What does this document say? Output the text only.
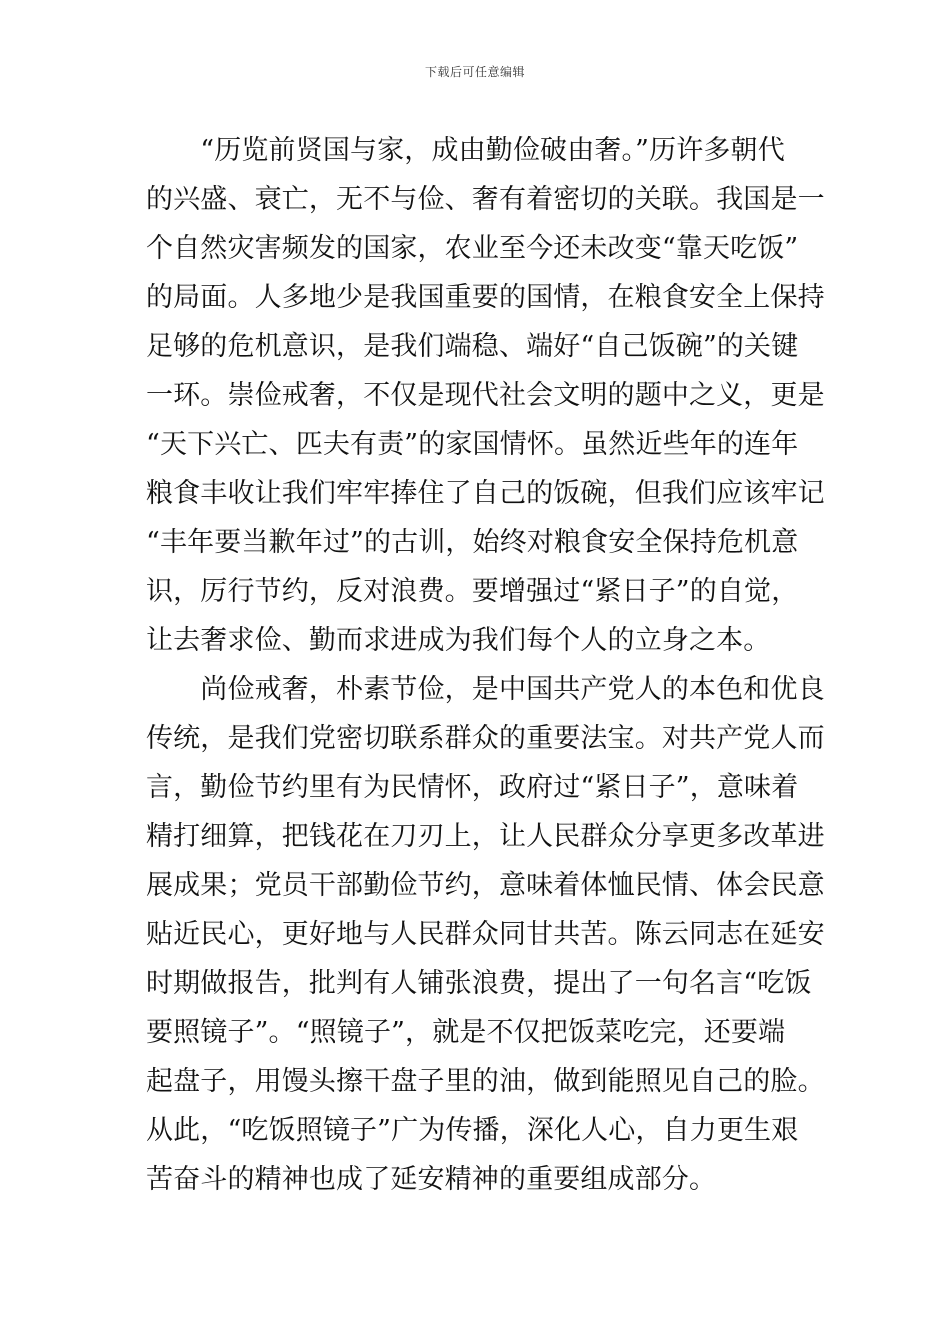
下载后可任意编辑
　　“历览前贤国与家，成由勤俭破由奢。”历许多朝代
的兴盛、衰亡，无不与俭、奢有着密切的关联。我国是一
个自然灾害频发的国家，农业至今还未改变“靠天吃饭”
的局面。人多地少是我国重要的国情，在粮食安全上保持
足够的危机意识，是我们端稳、端好“自己饭碗”的关键
一环。崇俭戒奢，不仅是现代社会文明的题中之义，更是
“天下兴亡、匹夫有责”的家国情怀。虽然近些年的连年
粮食丰收让我们牢牢捧住了自己的饭碗，但我们应该牢记
“丰年要当歉年过”的古训，始终对粮食安全保持危机意
识，厉行节约，反对浪费。要增强过“紧日子”的自觉，
让去奢求俭、勤而求进成为我们每个人的立身之本。
　　尚俭戒奢，朴素节俭，是中国共产党人的本色和优良
传统，是我们党密切联系群众的重要法宝。对共产党人而
言，勤俭节约里有为民情怀，政府过“紧日子”，意味着
精打细算，把钱花在刀刃上，让人民群众分享更多改革进
展成果；党员干部勤俭节约，意味着体恤民情、体会民意
贴近民心，更好地与人民群众同甘共苦。陈云同志在延安
时期做报告，批判有人铺张浪费，提出了一句名言“吃饭
要照镜子”。“照镜子”，就是不仅把饭菜吃完，还要端
起盘子，用馒头擦干盘子里的油，做到能照见自己的脸。
从此，“吃饭照镜子”广为传播，深化人心，自力更生艰
苦奋斗的精神也成了延安精神的重要组成部分。
